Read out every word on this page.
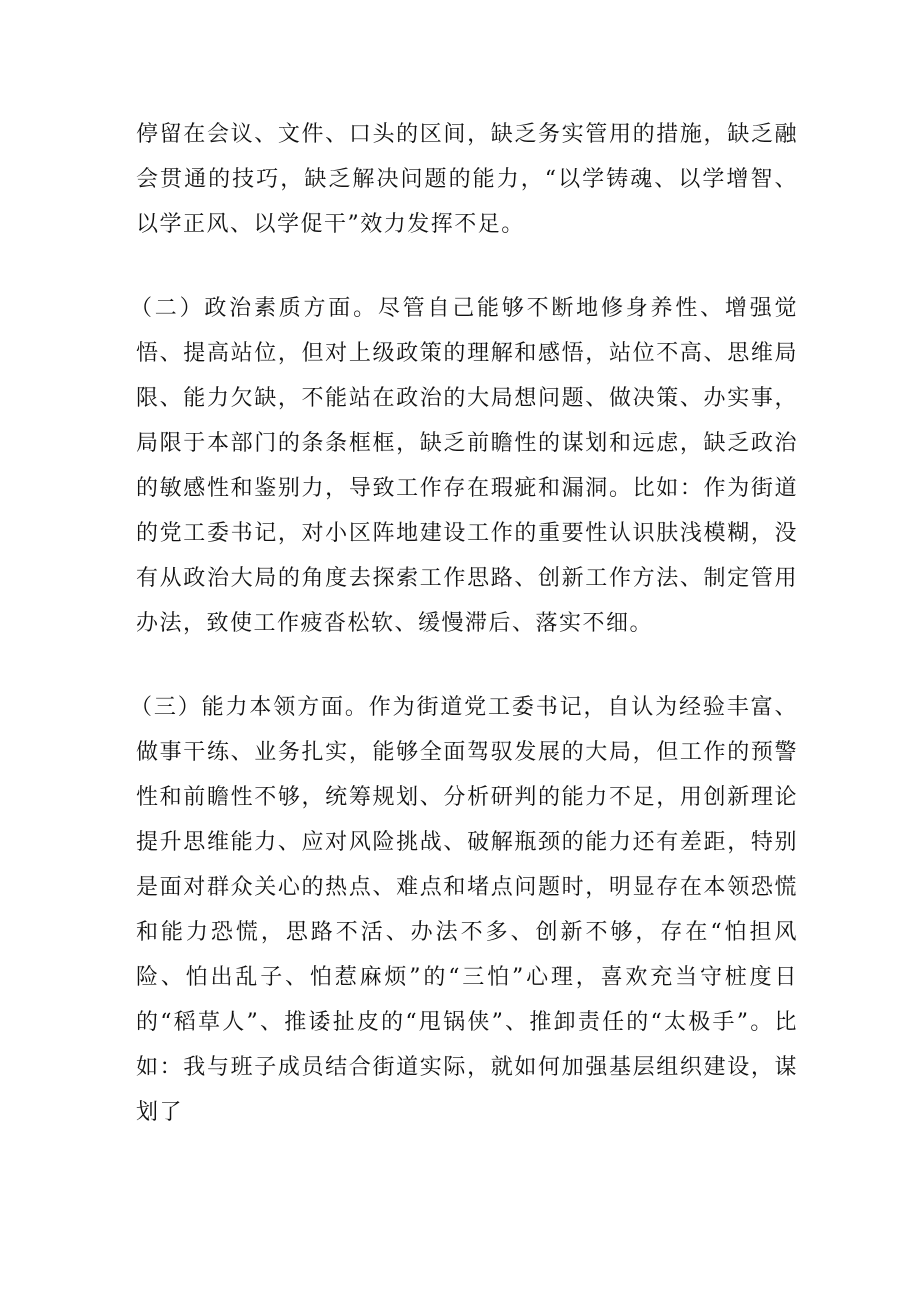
停留在会议、文件、口头的区间，缺乏务实管用的措施，缺乏融会贯通的技巧，缺乏解决问题的能力，“以学铸魂、以学增智、以学正风、以学促干”效力发挥不足。

（二）政治素质方面。尽管自己能够不断地修身养性、增强觉悟、提高站位，但对上级政策的理解和感悟，站位不高、思维局限、能力欠缺，不能站在政治的大局想问题、做决策、办实事，局限于本部门的条条框框，缺乏前瞻性的谋划和远虑，缺乏政治的敏感性和鉴别力，导致工作存在瑕疵和漏洞。比如：作为街道的党工委书记，对小区阵地建设工作的重要性认识肤浅模糊，没有从政治大局的角度去探索工作思路、创新工作方法、制定管用办法，致使工作疲沓松软、缓慢滞后、落实不细。

（三）能力本领方面。作为街道党工委书记，自认为经验丰富、做事干练、业务扎实，能够全面驾驭发展的大局，但工作的预警性和前瞻性不够，统筹规划、分析研判的能力不足，用创新理论提升思维能力、应对风险挑战、破解瓶颈的能力还有差距，特别是面对群众关心的热点、难点和堵点问题时，明显存在本领恐慌和能力恐慌，思路不活、办法不多、创新不够，存在“怕担风险、怕出乱子、怕惹麻烦”的“三怕”心理，喜欢充当守桩度日的“稻草人”、推诿扯皮的“甩锅侠”、推卸责任的“太极手”。比如：我与班子成员结合街道实际，就如何加强基层组织建设，谋划了
